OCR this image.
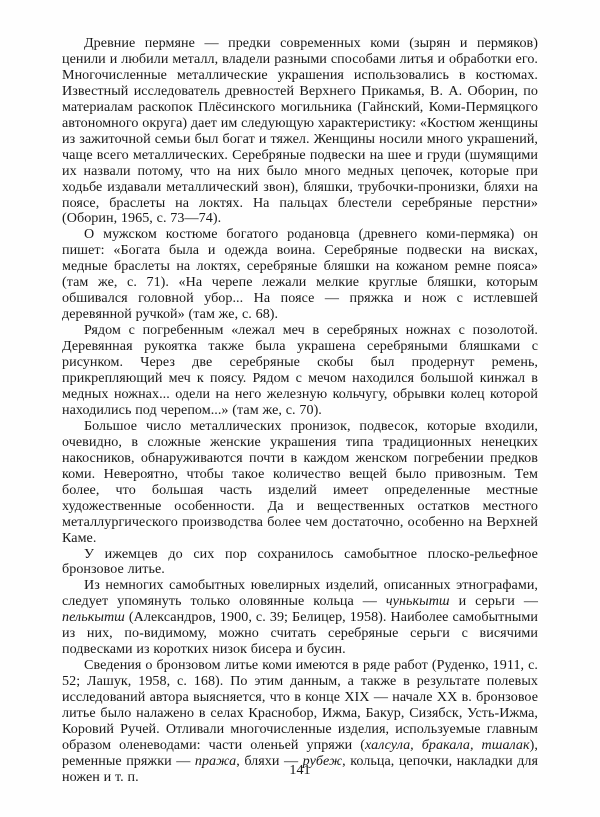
Древние пермяне — предки современных коми (зырян и пермяков) ценили и любили металл, владели разными способами литья и обработки его. Многочисленные металлические украшения использовались в костюмах. Известный исследователь древностей Верхнего Прикамья, В. А. Оборин, по материалам раскопок Плёсинского могильника (Гайнский, Коми-Пермяцкого автономного округа) дает им следующую характеристику: «Костюм женщины из зажиточной семьи был богат и тяжел. Женщины носили много украшений, чаще всего металлических. Серебряные подвески на шее и груди (шумящими их назвали потому, что на них было много медных цепочек, которые при ходьбе издавали металлический звон), бляшки, трубочки-пронизки, бляхи на поясе, браслеты на локтях. На пальцах блестели серебряные перстни» (Оборин, 1965, с. 73—74).

О мужском костюме богатого родановца (древнего коми-пермяка) он пишет: «Богата была и одежда воина. Серебряные подвески на висках, медные браслеты на локтях, серебряные бляшки на кожаном ремне пояса» (там же, с. 71). «На черепе лежали мелкие круглые бляшки, которым обшивался головной убор... На поясе — пряжка и нож с истлевшей деревянной ручкой» (там же, с. 68).

Рядом с погребенным «лежал меч в серебряных ножнах с позолотой. Деревянная рукоятка также была украшена серебряными бляшками с рисунком. Через две серебряные скобы был продернут ремень, прикрепляющий меч к поясу. Рядом с мечом находился большой кинжал в медных ножнах... одели на него железную кольчугу, обрывки колец которой находились под черепом...» (там же, с. 70).

Большое число металлических пронизок, подвесок, которые входили, очевидно, в сложные женские украшения типа традиционных ненецких накосников, обнаруживаются почти в каждом женском погребении предков коми. Невероятно, чтобы такое количество вещей было привозным. Тем более, что большая часть изделий имеет определенные местные художественные особенности. Да и вещественных остатков местного металлургического производства более чем достаточно, особенно на Верхней Каме.

У ижемцев до сих пор сохранилось самобытное плоско-рельефное бронзовое литье.

Из немногих самобытных ювелирных изделий, описанных этнографами, следует упомянуть только оловянные кольца — чунькытш и серьги — пелькытш (Александров, 1900, с. 39; Белицер, 1958). Наиболее самобытными из них, по-видимому, можно считать серебряные серьги с висячими подвесками из коротких низок бисера и бусин.

Сведения о бронзовом литье коми имеются в ряде работ (Руденко, 1911, с. 52; Лашук, 1958, с. 168). По этим данным, а также в результате полевых исследований автора выясняется, что в конце XIX — начале XX в. бронзовое литье было налажено в селах Краснобор, Ижма, Бакур, Сизябск, Усть-Ижма, Коровий Ручей. Отливали многочисленные изделия, используемые главным образом оленеводами: части оленьей упряжи (халсула, бракала, тшалак), ременные пряжки — пража, бляхи — рубеж, кольца, цепочки, накладки для ножен и т. п.	141
